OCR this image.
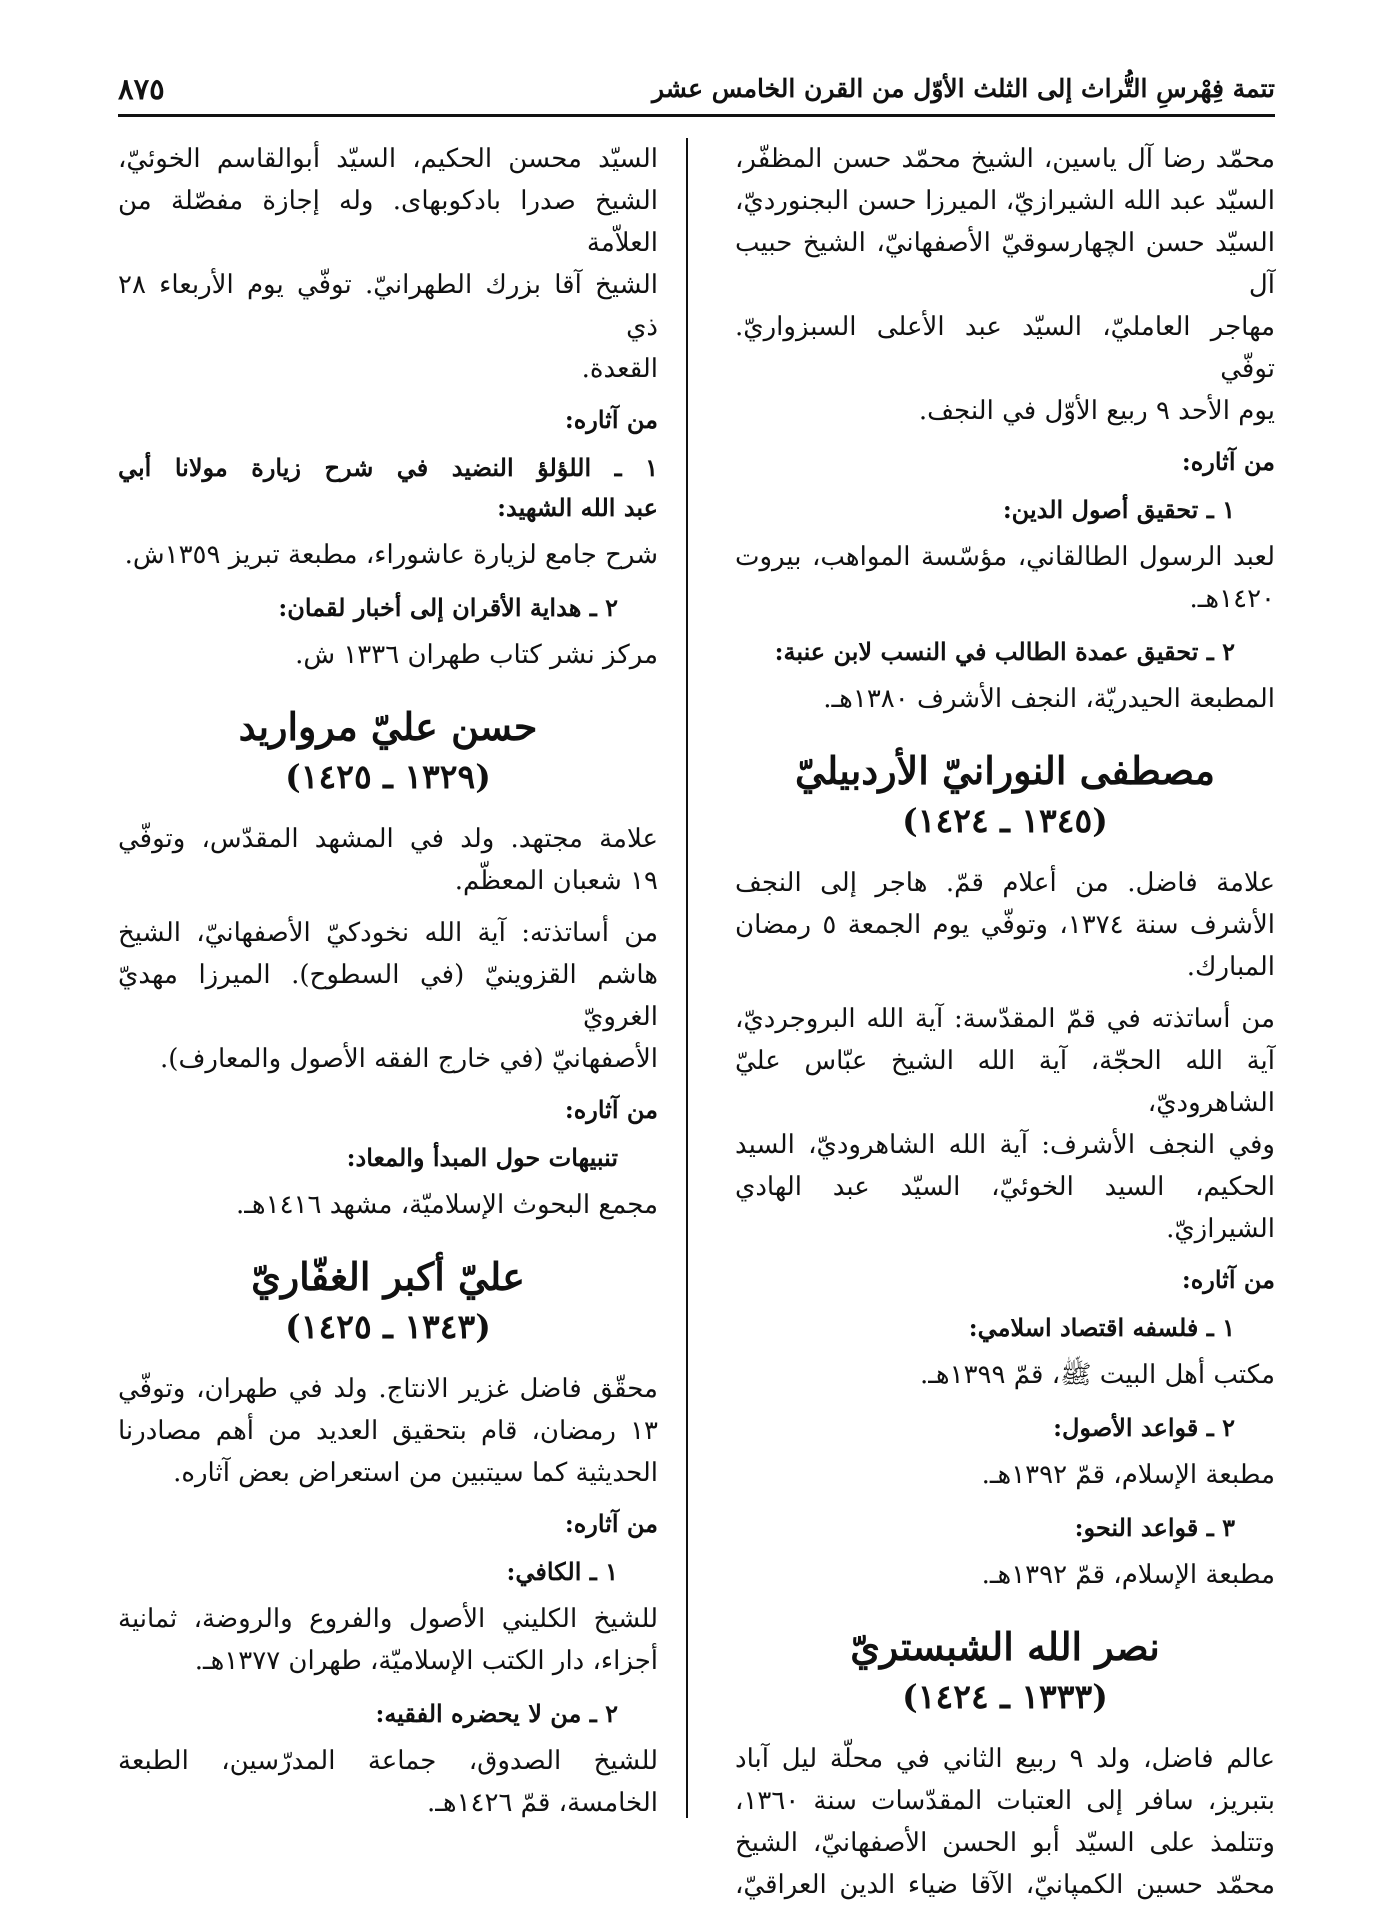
تتمة فِهْرسِ التُّراث إلى الثلث الأوّل من القرن الخامس عشر
٨٧٥

محمّد رضا آل ياسين، الشيخ محمّد حسن المظفّر،
السيّد عبد الله الشيرازيّ، الميرزا حسن البجنورديّ،
السيّد حسن الچهارسوقيّ الأصفهانيّ، الشيخ حبيب آل
مهاجر العامليّ، السيّد عبد الأعلى السبزواريّ. توفّي
يوم الأحد ٩ ربيع الأوّل في النجف.

من آثاره:
١ ـ تحقيق أصول الدين:
لعبد الرسول الطالقاني، مؤسّسة المواهب، بيروت
١٤٢٠هـ.
٢ ـ تحقيق عمدة الطالب في النسب لابن عنبة:
المطبعة الحيدريّة، النجف الأشرف ١٣٨٠هـ.
مصطفى النورانيّ الأردبيليّ
(١٣٤٥ ـ ١٤٢٤)

علامة فاضل. من أعلام قمّ. هاجر إلى النجف
الأشرف سنة ١٣٧٤، وتوفّي يوم الجمعة ٥ رمضان
المبارك.

من أساتذته في قمّ المقدّسة: آية الله البروجرديّ،
آية الله الحجّة، آية الله الشيخ عبّاس عليّ الشاهروديّ،
وفي النجف الأشرف: آية الله الشاهروديّ، السيد
الحكيم، السيد الخوئيّ، السيّد عبد الهادي الشيرازيّ.

من آثاره:
١ ـ فلسفه اقتصاد اسلامي:
مكتب أهل البيت ﷺ، قمّ ١٣٩٩هـ.
٢ ـ قواعد الأصول:
مطبعة الإسلام، قمّ ١٣٩٢هـ.
٣ ـ قواعد النحو:
مطبعة الإسلام، قمّ ١٣٩٢هـ.
نصر الله الشبستريّ
(١٣٣٣ ـ ١٤٢٤)

عالم فاضل، ولد ٩ ربيع الثاني في محلّة ليل آباد
بتبريز، سافر إلى العتبات المقدّسات سنة ١٣٦٠،
وتتلمذ على السيّد أبو الحسن الأصفهانيّ، الشيخ
محمّد حسين الكمپانيّ، الآقا ضياء الدين العراقيّ،

السيّد محسن الحكيم، السيّد أبوالقاسم الخوئيّ،
الشيخ صدرا بادكوبهاى. وله إجازة مفصّلة من العلاّمة
الشيخ آقا بزرك الطهرانيّ. توفّي يوم الأربعاء ٢٨ ذي
القعدة.

من آثاره:
١ ـ اللؤلؤ النضيد في شرح زيارة مولانا أبي
عبد الله الشهيد:
شرح جامع لزيارة عاشوراء، مطبعة تبريز ١٣٥٩ش.
٢ ـ هداية الأقران إلى أخبار لقمان:
مركز نشر كتاب طهران ١٣٣٦ ش.
حسن عليّ مرواريد
(١٣٢٩ ـ ١٤٢٥)

علامة مجتهد. ولد في المشهد المقدّس، وتوفّي
١٩ شعبان المعظّم.

من أساتذته: آية الله نخودكيّ الأصفهانيّ، الشيخ
هاشم القزوينيّ (في السطوح). الميرزا مهديّ الغرويّ
الأصفهانيّ (في خارج الفقه الأصول والمعارف).

من آثاره:
تنبيهات حول المبدأ والمعاد:
مجمع البحوث الإسلاميّة، مشهد ١٤١٦هـ.
عليّ أكبر الغفّاريّ
(١٣٤٣ ـ ١٤٢٥)

محقّق فاضل غزير الانتاج. ولد في طهران، وتوفّي
١٣ رمضان، قام بتحقيق العديد من أهم مصادرنا
الحديثية كما سيتبين من استعراض بعض آثاره.

من آثاره:
١ ـ الكافي:
للشيخ الكليني الأصول والفروع والروضة، ثمانية
أجزاء، دار الكتب الإسلاميّة، طهران ١٣٧٧هـ.
٢ ـ من لا يحضره الفقيه:
للشيخ الصدوق، جماعة المدرّسين، الطبعة
الخامسة، قمّ ١٤٢٦هـ.
